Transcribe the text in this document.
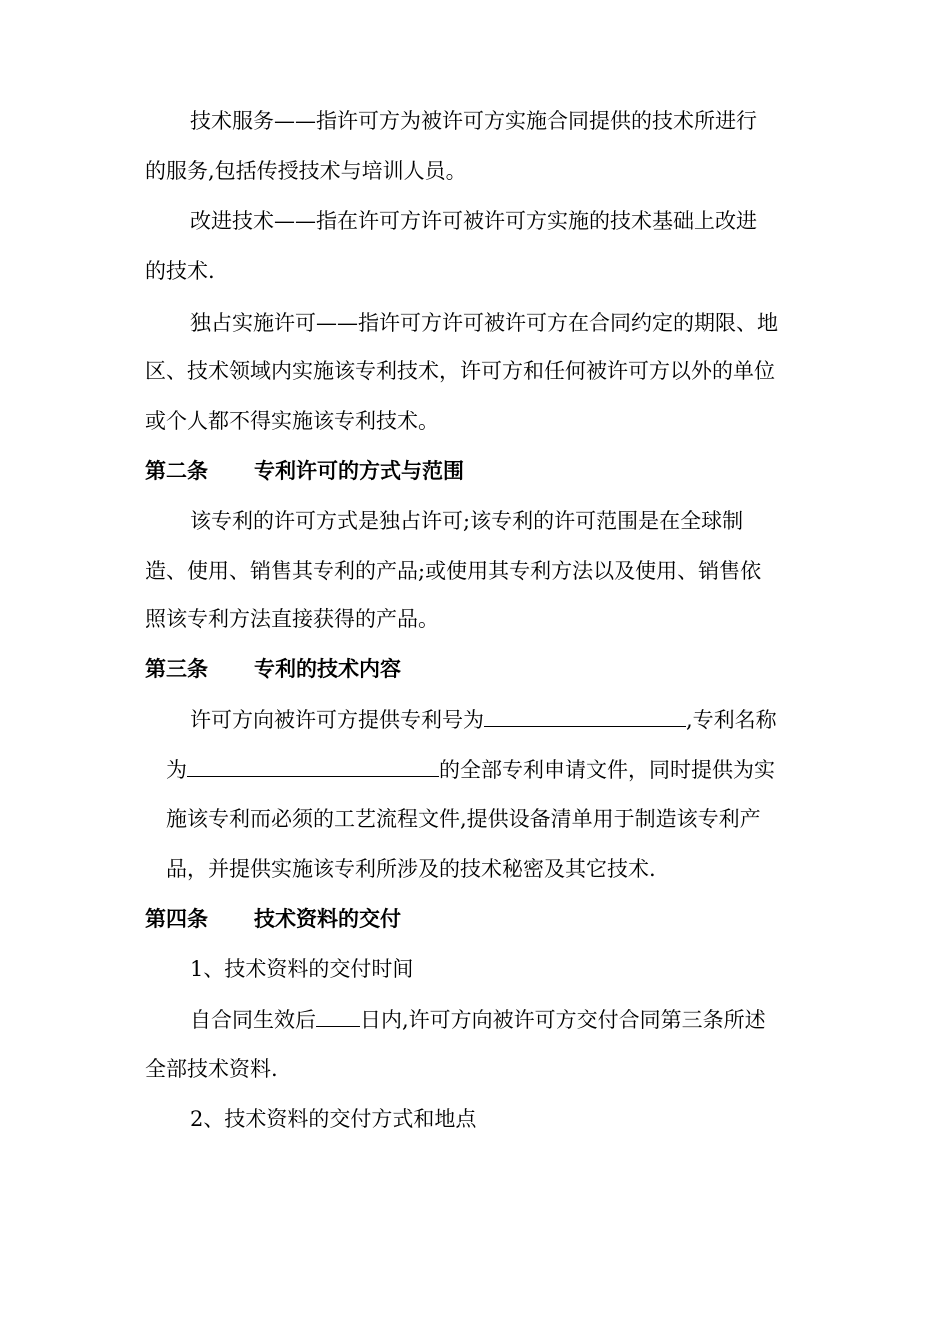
技术服务——指许可方为被许可方实施合同提供的技术所进行
的服务,包括传授技术与培训人员。
改进技术——指在许可方许可被许可方实施的技术基础上改进
的技术.
独占实施许可——指许可方许可被许可方在合同约定的期限、地
区、技术领域内实施该专利技术，许可方和任何被许可方以外的单位
或个人都不得实施该专利技术。
第二条 专利许可的方式与范围
该专利的许可方式是独占许可;该专利的许可范围是在全球制
造、使用、销售其专利的产品;或使用其专利方法以及使用、销售依
照该专利方法直接获得的产品。
第三条 专利的技术内容
许可方向被许可方提供专利号为	,专利名称
为	的全部专利申请文件，同时提供为实
施该专利而必须的工艺流程文件,提供设备清单用于制造该专利产
品，并提供实施该专利所涉及的技术秘密及其它技术.
第四条 技术资料的交付
1、技术资料的交付时间
自合同生效后 日内,许可方向被许可方交付合同第三条所述
全部技术资料.
2、技术资料的交付方式和地点
